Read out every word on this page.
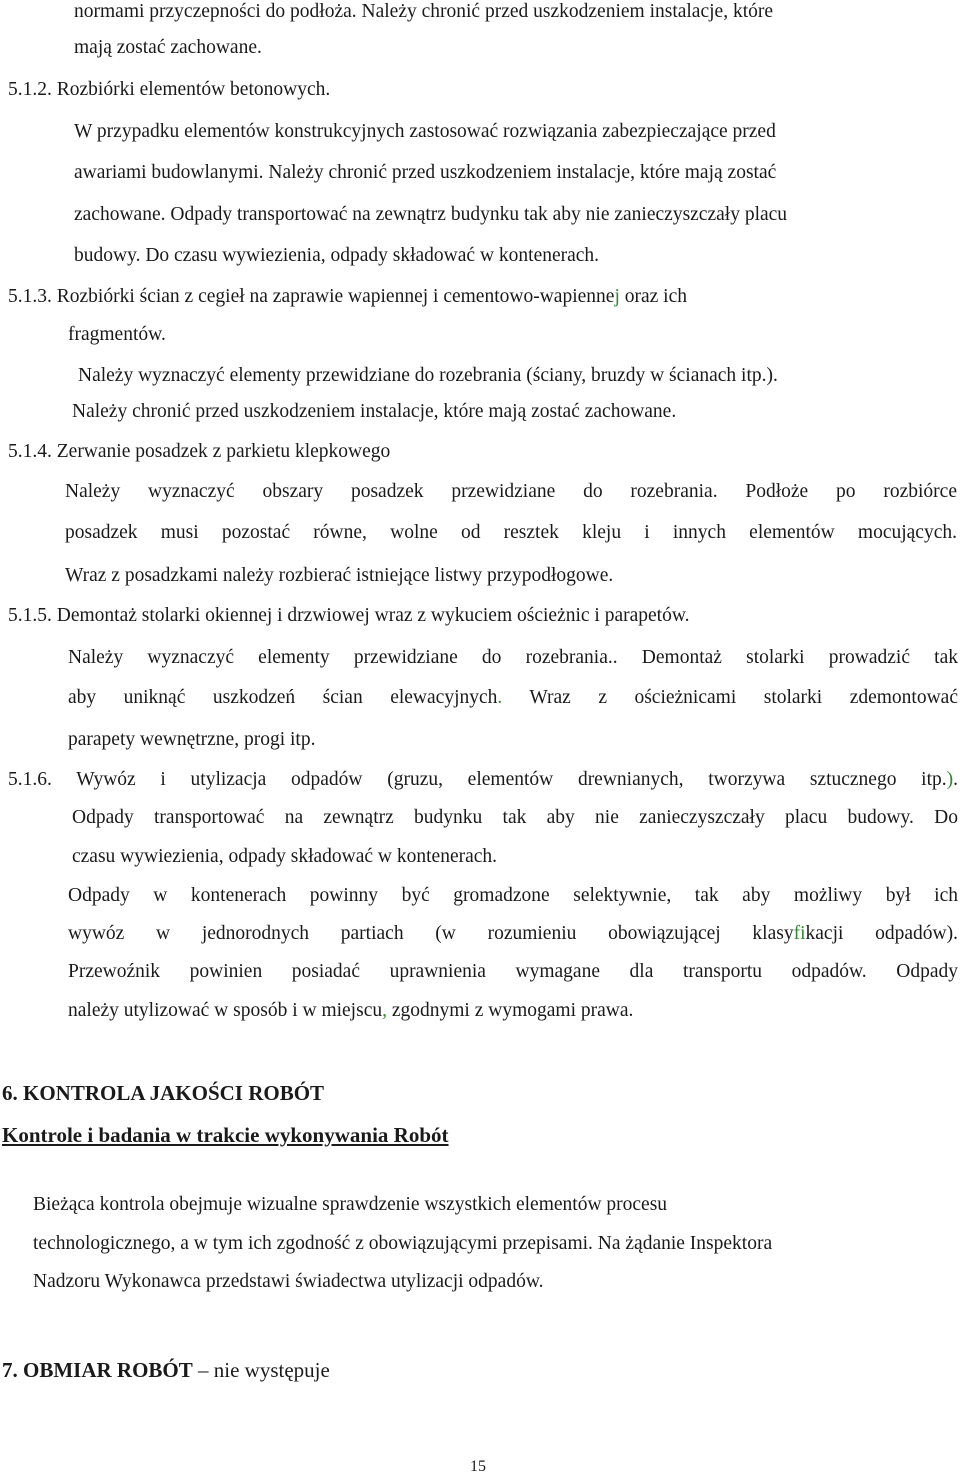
normami przyczepności do podłoża. Należy chronić przed uszkodzeniem instalacje, które
mają zostać zachowane.
5.1.2. Rozbiórki elementów betonowych.
W przypadku elementów konstrukcyjnych zastosować rozwiązania zabezpieczające przed
awariami budowlanymi. Należy chronić przed uszkodzeniem instalacje, które mają zostać
zachowane. Odpady transportować na zewnątrz budynku tak aby nie zanieczyszczały placu
budowy. Do czasu wywiezienia, odpady składować w kontenerach.
5.1.3. Rozbiórki ścian z cegieł na zaprawie wapiennej i cementowo-wapiennej oraz ich
fragmentów.
Należy wyznaczyć elementy przewidziane do rozebrania (ściany, bruzdy w ścianach itp.).
Należy chronić przed uszkodzeniem instalacje, które mają zostać zachowane.
5.1.4. Zerwanie posadzek z parkietu klepkowego
Należy wyznaczyć obszary posadzek przewidziane do rozebrania. Podłoże po rozbiórce
posadzek musi pozostać równe, wolne od resztek kleju i innych elementów mocujących.
Wraz z posadzkami należy rozbierać istniejące listwy przypodłogowe.
5.1.5. Demontaż stolarki okiennej i drzwiowej wraz z wykuciem ościeżnic i parapetów.
Należy wyznaczyć elementy przewidziane do rozebrania.. Demontaż stolarki prowadzić tak
aby uniknąć uszkodzeń ścian elewacyjnych. Wraz z ościeżnicami stolarki zdemontować
parapety wewnętrzne, progi itp.
5.1.6. Wywóz i utylizacja odpadów (gruzu, elementów drewnianych, tworzywa sztucznego itp.).
Odpady transportować na zewnątrz budynku tak aby nie zanieczyszczały placu budowy. Do
czasu wywiezienia, odpady składować w kontenerach.
Odpady w kontenerach powinny być gromadzone selektywnie, tak aby możliwy był ich
wywóz w jednorodnych partiach (w rozumieniu obowiązującej klasyfikacji odpadów).
Przewoźnik powinien posiadać uprawnienia wymagane dla transportu odpadów. Odpady
należy utylizować w sposób i w miejscu, zgodnymi z wymogami prawa.
6. KONTROLA JAKOŚCI ROBÓT
Kontrole i badania w trakcie wykonywania Robót
Bieżąca kontrola obejmuje wizualne sprawdzenie wszystkich elementów procesu
technologicznego, a w tym ich zgodność z obowiązującymi przepisami. Na żądanie Inspektora
Nadzoru Wykonawca przedstawi świadectwa utylizacji odpadów.
7. OBMIAR ROBÓT – nie występuje
15
